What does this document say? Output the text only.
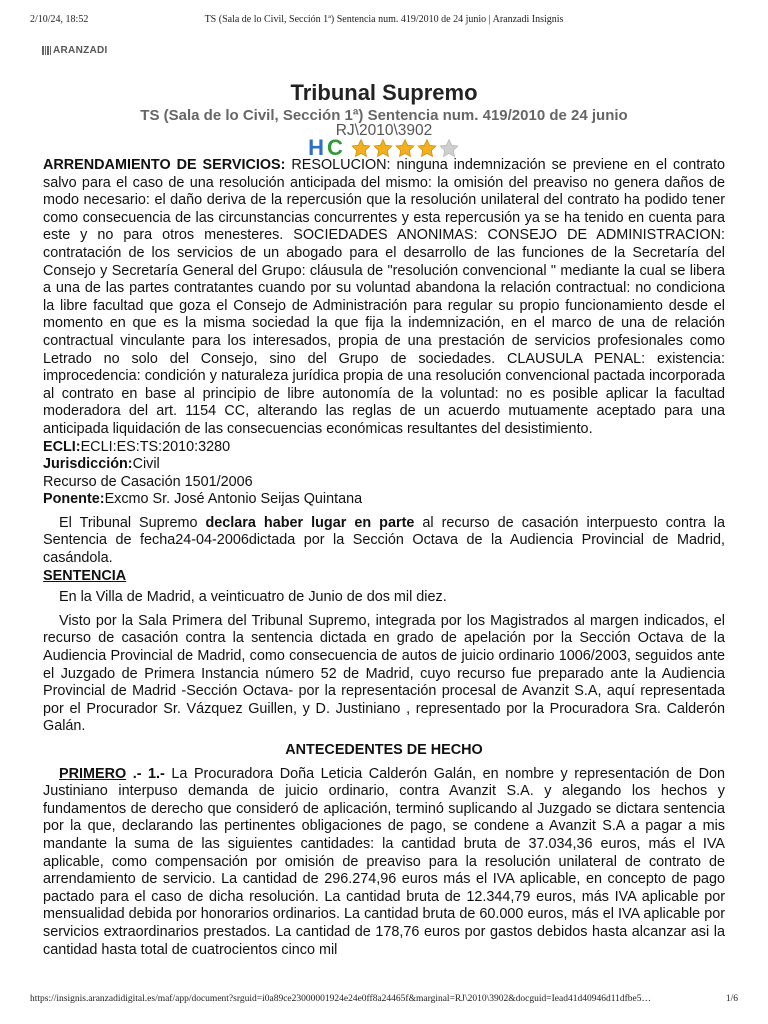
2/10/24, 18:52	TS (Sala de lo Civil, Sección 1ª) Sentencia num. 419/2010 de 24 junio | Aranzadi Insignis
ARANZADI
Tribunal Supremo
TS (Sala de lo Civil, Sección 1ª) Sentencia num. 419/2010 de 24 junio
RJ\2010\3902
H C

ARRENDAMIENTO DE SERVICIOS: RESOLUCION: ninguna indemnización se previene en el contrato salvo para el caso de una resolución anticipada del mismo: la omisión del preaviso no genera daños de modo necesario: el daño deriva de la repercusión que la resolución unilateral del contrato ha podido tener como consecuencia de las circunstancias concurrentes y esta repercusión ya se ha tenido en cuenta para este y no para otros menesteres. SOCIEDADES ANONIMAS: CONSEJO DE ADMINISTRACION: contratación de los servicios de un abogado para el desarrollo de las funciones de la Secretaría del Consejo y Secretaría General del Grupo: cláusula de "resolución convencional " mediante la cual se libera a una de las partes contratantes cuando por su voluntad abandona la relación contractual: no condiciona la libre facultad que goza el Consejo de Administración para regular su propio funcionamiento desde el momento en que es la misma sociedad la que fija la indemnización, en el marco de una de relación contractual vinculante para los interesados, propia de una prestación de servicios profesionales como Letrado no solo del Consejo, sino del Grupo de sociedades. CLAUSULA PENAL: existencia: improcedencia: condición y naturaleza jurídica propia de una resolución convencional pactada incorporada al contrato en base al principio de libre autonomía de la voluntad: no es posible aplicar la facultad moderadora del art. 1154 CC, alterando las reglas de un acuerdo mutuamente aceptado para una anticipada liquidación de las consecuencias económicas resultantes del desistimiento.

ECLI:ECLI:ES:TS:2010:3280

Jurisdicción:Civil

Recurso de Casación 1501/2006

Ponente:Excmo Sr. José Antonio Seijas Quintana

El Tribunal Supremo declara haber lugar en parte al recurso de casación interpuesto contra la Sentencia de fecha24-04-2006dictada por la Sección Octava de la Audiencia Provincial de Madrid, casándola.

SENTENCIA

En la Villa de Madrid, a veinticuatro de Junio de dos mil diez.

Visto por la Sala Primera del Tribunal Supremo, integrada por los Magistrados al margen indicados, el recurso de casación contra la sentencia dictada en grado de apelación por la Sección Octava de la Audiencia Provincial de Madrid, como consecuencia de autos de juicio ordinario 1006/2003, seguidos ante el Juzgado de Primera Instancia número 52 de Madrid, cuyo recurso fue preparado ante la Audiencia Provincial de Madrid -Sección Octava- por la representación procesal de Avanzit S.A, aquí representada por el Procurador Sr. Vázquez Guillen, y D. Justiniano , representado por la Procuradora Sra. Calderón Galán.

ANTECEDENTES DE HECHO

PRIMERO .- 1.- La Procuradora Doña Leticia Calderón Galán, en nombre y representación de Don Justiniano interpuso demanda de juicio ordinario, contra Avanzit S.A. y alegando los hechos y fundamentos de derecho que consideró de aplicación, terminó suplicando al Juzgado se dictara sentencia por la que, declarando las pertinentes obligaciones de pago, se condene a Avanzit S.A a pagar a mis mandante la suma de las siguientes cantidades: la cantidad bruta de 37.034,36 euros, más el IVA aplicable, como compensación por omisión de preaviso para la resolución unilateral de contrato de arrendamiento de servicio. La cantidad de 296.274,96 euros más el IVA aplicable, en concepto de pago pactado para el caso de dicha resolución. La cantidad bruta de 12.344,79 euros, más IVA aplicable por mensualidad debida por honorarios ordinarios. La cantidad bruta de 60.000 euros, más el IVA aplicable por servicios extraordinarios prestados. La cantidad de 178,76 euros por gastos debidos hasta alcanzar asi la cantidad hasta total de cuatrocientos cinco mil

https://insignis.aranzadidigital.es/maf/app/document?srguid=i0a89ce23000001924e24e0ff8a24465f&marginal=RJ\2010\3902&docguid=Iead41d40946d11dfbe5…	1/6
